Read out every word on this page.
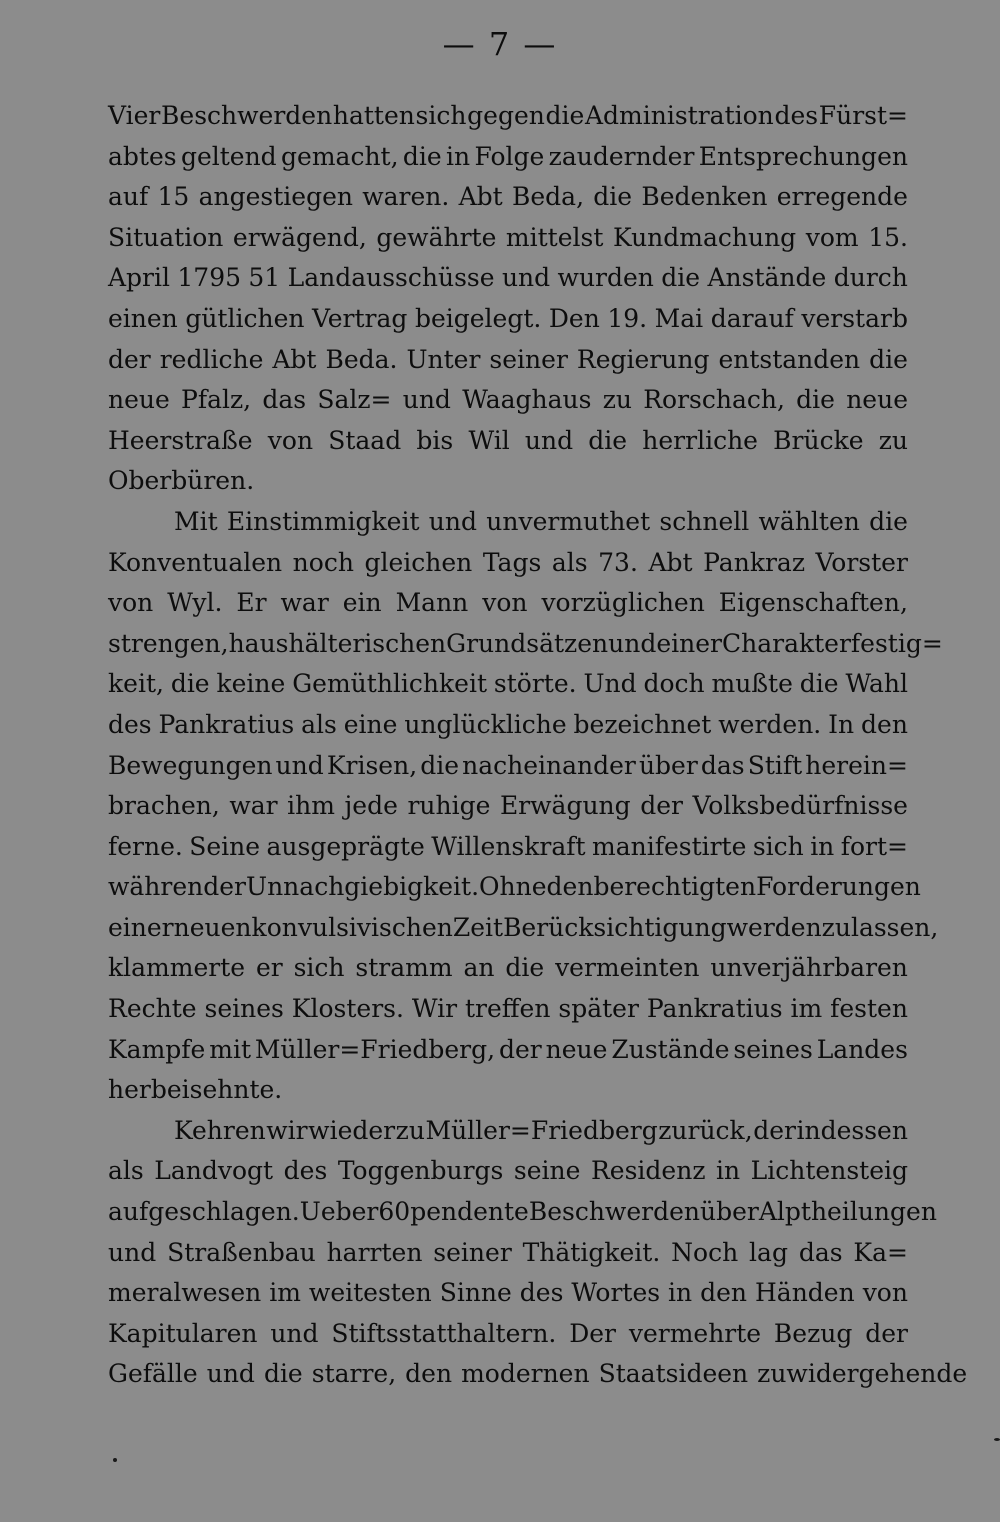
— 7 —
Vier Beschwerden hatten sich gegen die Administration des Fürst=
abtes geltend gemacht, die in Folge zaudernder Entsprechungen
auf 15 angestiegen waren. Abt Beda, die Bedenken erregende
Situation erwägend, gewährte mittelst Kundmachung vom 15.
April 1795 51 Landausschüsse und wurden die Anstände durch
einen gütlichen Vertrag beigelegt. Den 19. Mai darauf verstarb
der redliche Abt Beda. Unter seiner Regierung entstanden die
neue Pfalz, das Salz= und Waaghaus zu Rorschach, die neue
Heerstraße von Staad bis Wil und die herrliche Brücke zu
Oberbüren.
Mit Einstimmigkeit und unvermuthet schnell wählten die
Konventualen noch gleichen Tags als 73. Abt Pankraz Vorster
von Wyl. Er war ein Mann von vorzüglichen Eigenschaften,
strengen, haushälterischen Grundsätzen und einer Charakterfestig=
keit, die keine Gemüthlichkeit störte. Und doch mußte die Wahl
des Pankratius als eine unglückliche bezeichnet werden. In den
Bewegungen und Krisen, die nacheinander über das Stift herein=
brachen, war ihm jede ruhige Erwägung der Volksbedürfnisse
ferne. Seine ausgeprägte Willenskraft manifestirte sich in fort=
währender Unnachgiebigkeit. Ohne den berechtigten Forderungen
einer neuen konvulsivischen Zeit Berücksichtigung werden zu lassen,
klammerte er sich stramm an die vermeinten unverjährbaren
Rechte seines Klosters. Wir treffen später Pankratius im festen
Kampfe mit Müller=Friedberg, der neue Zustände seines Landes
herbeisehnte.
Kehren wir wieder zu Müller=Friedberg zurück, der indessen
als Landvogt des Toggenburgs seine Residenz in Lichtensteig
aufgeschlagen. Ueber 60 pendente Beschwerden über Alptheilungen
und Straßenbau harrten seiner Thätigkeit. Noch lag das Ka=
meralwesen im weitesten Sinne des Wortes in den Händen von
Kapitularen und Stiftsstatthaltern. Der vermehrte Bezug der
Gefälle und die starre, den modernen Staatsideen zuwidergehende
